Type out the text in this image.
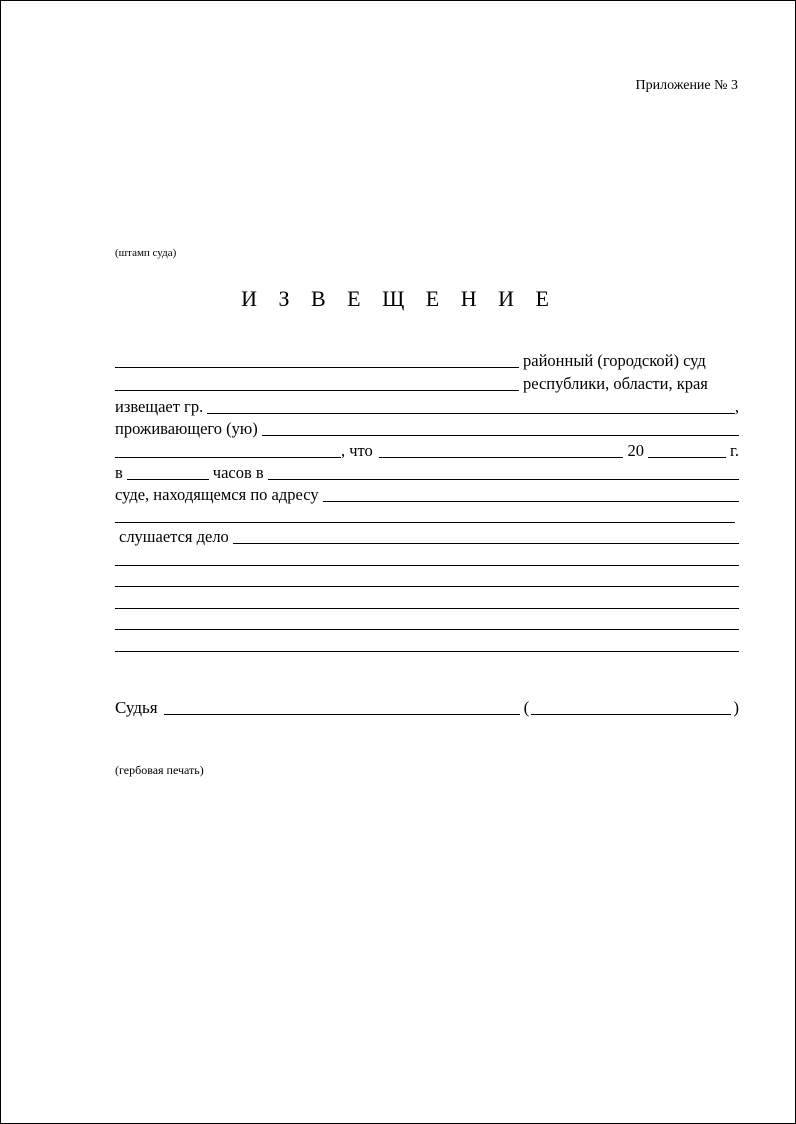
Приложение № 3
(штамп суда)
И З В Е Щ Е Н И Е
районный (городской) суд
республики, области, края
извещает гр.	,
проживающего (ую)
, что	20	г.
в	часов в
суде, находящемся по адресу
слушается дело
Судья	(	)
(гербовая печать)
